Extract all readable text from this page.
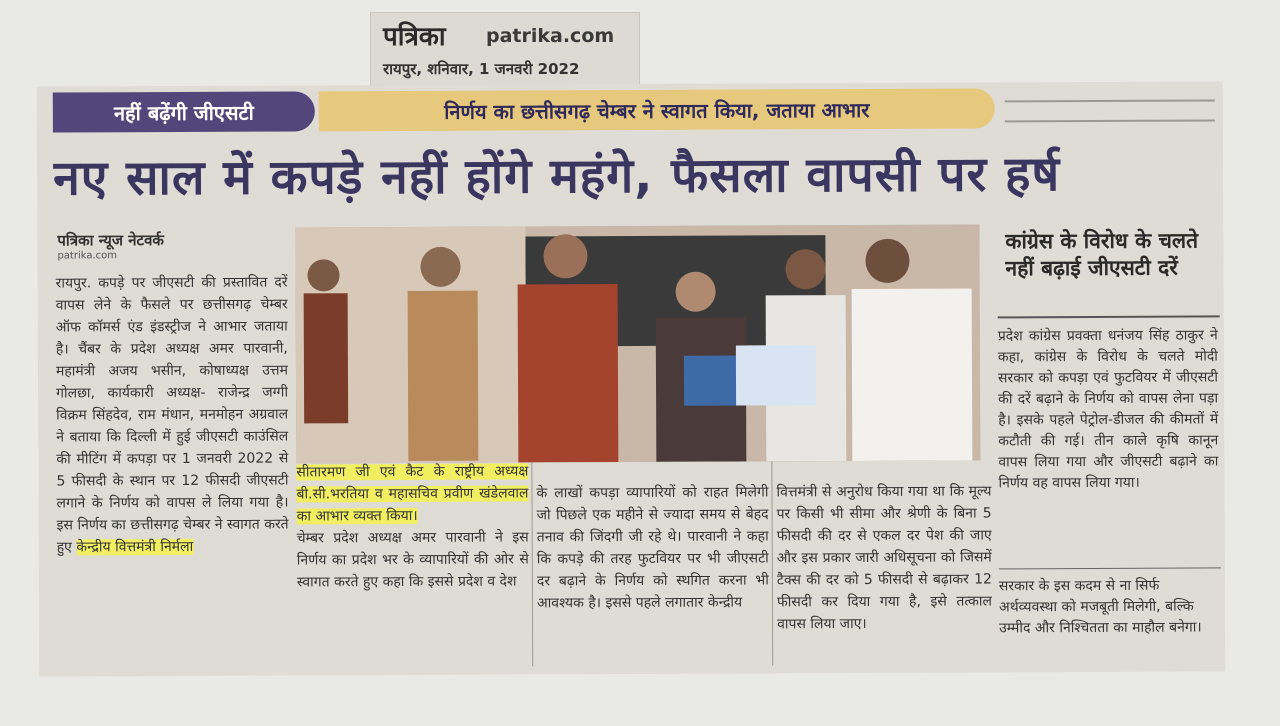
पत्रिका patrika.com
रायपुर, शनिवार, 1 जनवरी 2022
नहीं बढ़ेंगी जीएसटी	निर्णय का छत्तीसगढ़ चेम्बर ने स्वागत किया, जताया आभार
नए साल में कपड़े नहीं होंगे महंगे, फैसला वापसी पर हर्ष
पत्रिका न्यूज नेटवर्क
patrika.com
रायपुर. कपड़े पर जीएसटी की प्रस्तावित दरें वापस लेने के फैसले पर छत्तीसगढ़ चेम्बर ऑफ कॉमर्स एंड इंडस्ट्रीज ने आभार जताया है। चैंबर के प्रदेश अध्यक्ष अमर पारवानी, महामंत्री अजय भसीन, कोषाध्यक्ष उत्तम गोलछा, कार्यकारी अध्यक्ष- राजेन्द्र जग्गी विक्रम सिंहदेव, राम मंधान, मनमोहन अग्रवाल ने बताया कि दिल्ली में हुई जीएसटी काउंसिल की मीटिंग में कपड़ा पर 1 जनवरी 2022 से 5 फीसदी के स्थान पर 12 फीसदी जीएसटी लगाने के निर्णय को वापस ले लिया गया है। इस निर्णय का छत्तीसगढ़ चेम्बर ने स्वागत करते हुए केन्द्रीय वित्तमंत्री निर्मला
सीतारमण जी एवं कैट के राष्ट्रीय अध्यक्ष बी.सी.भरतिया व महासचिव प्रवीण खंडेलवाल का आभार व्यक्त किया।
चेम्बर प्रदेश अध्यक्ष अमर पारवानी ने इस निर्णय का प्रदेश भर के व्यापारियों की ओर से स्वागत करते हुए कहा कि इससे प्रदेश व देश
के लाखों कपड़ा व्यापारियों को राहत मिलेगी जो पिछले एक महीने से ज्यादा समय से बेहद तनाव की जिंदगी जी रहे थे। पारवानी ने कहा कि कपड़े की तरह फुटवियर पर भी जीएसटी दर बढ़ाने के निर्णय को स्थगित करना भी आवश्यक है। इससे पहले लगातार केन्द्रीय
वित्तमंत्री से अनुरोध किया गया था कि मूल्य पर किसी भी सीमा और श्रेणी के बिना 5 फीसदी की दर से एकल दर पेश की जाए और इस प्रकार जारी अधिसूचना को जिसमें टैक्स की दर को 5 फीसदी से बढ़ाकर 12 फीसदी कर दिया गया है, इसे तत्काल वापस लिया जाए।
कांग्रेस के विरोध के चलते नहीं बढ़ाई जीएसटी दरें
प्रदेश कांग्रेस प्रवक्ता धनंजय सिंह ठाकुर ने कहा, कांग्रेस के विरोध के चलते मोदी सरकार को कपड़ा एवं फुटवियर में जीएसटी की दरें बढ़ाने के निर्णय को वापस लेना पड़ा है। इसके पहले पेट्रोल-डीजल की कीमतों में कटौती की गई। तीन काले कृषि कानून वापस लिया गया और जीएसटी बढ़ाने का निर्णय वह वापस लिया गया।
सरकार के इस कदम से ना सिर्फ अर्थव्यवस्था को मजबूती मिलेगी, बल्कि उम्मीद और निश्चितता का माहौल बनेगा।
